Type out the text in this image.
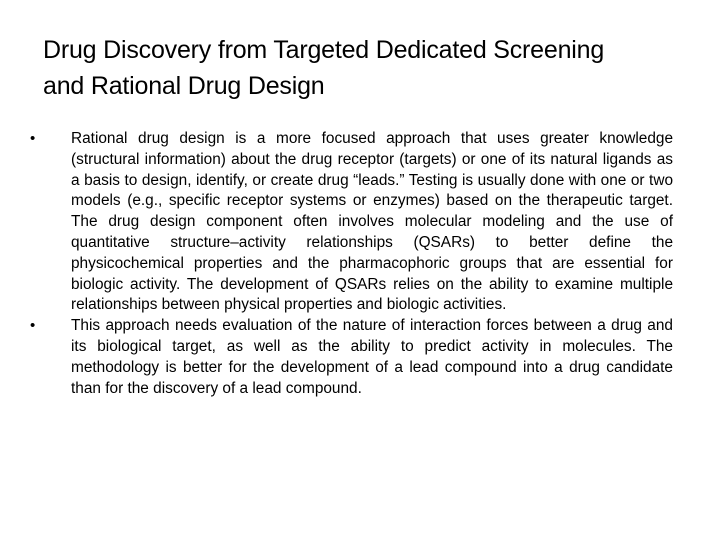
Drug Discovery from Targeted Dedicated Screening
and Rational Drug Design
•	Rational drug design is a more focused approach that uses greater knowledge (structural information) about the drug receptor (targets) or one of its natural ligands as a basis to design, identify, or create drug “leads.” Testing is usually done with one or two models (e.g., specific receptor systems or enzymes) based on the therapeutic target. The drug design component often involves molecular modeling and the use of quantitative structure–activity relationships (QSARs) to better define the physicochemical properties and the pharmacophoric groups that are essential for biologic activity. The development of QSARs relies on the ability to examine multiple relationships between physical properties and biologic activities.
•	This approach needs evaluation of the nature of interaction forces between a drug and its biological target, as well as the ability to predict activity in molecules. The methodology is better for the development of a lead compound into a drug candidate than for the discovery of a lead compound.
